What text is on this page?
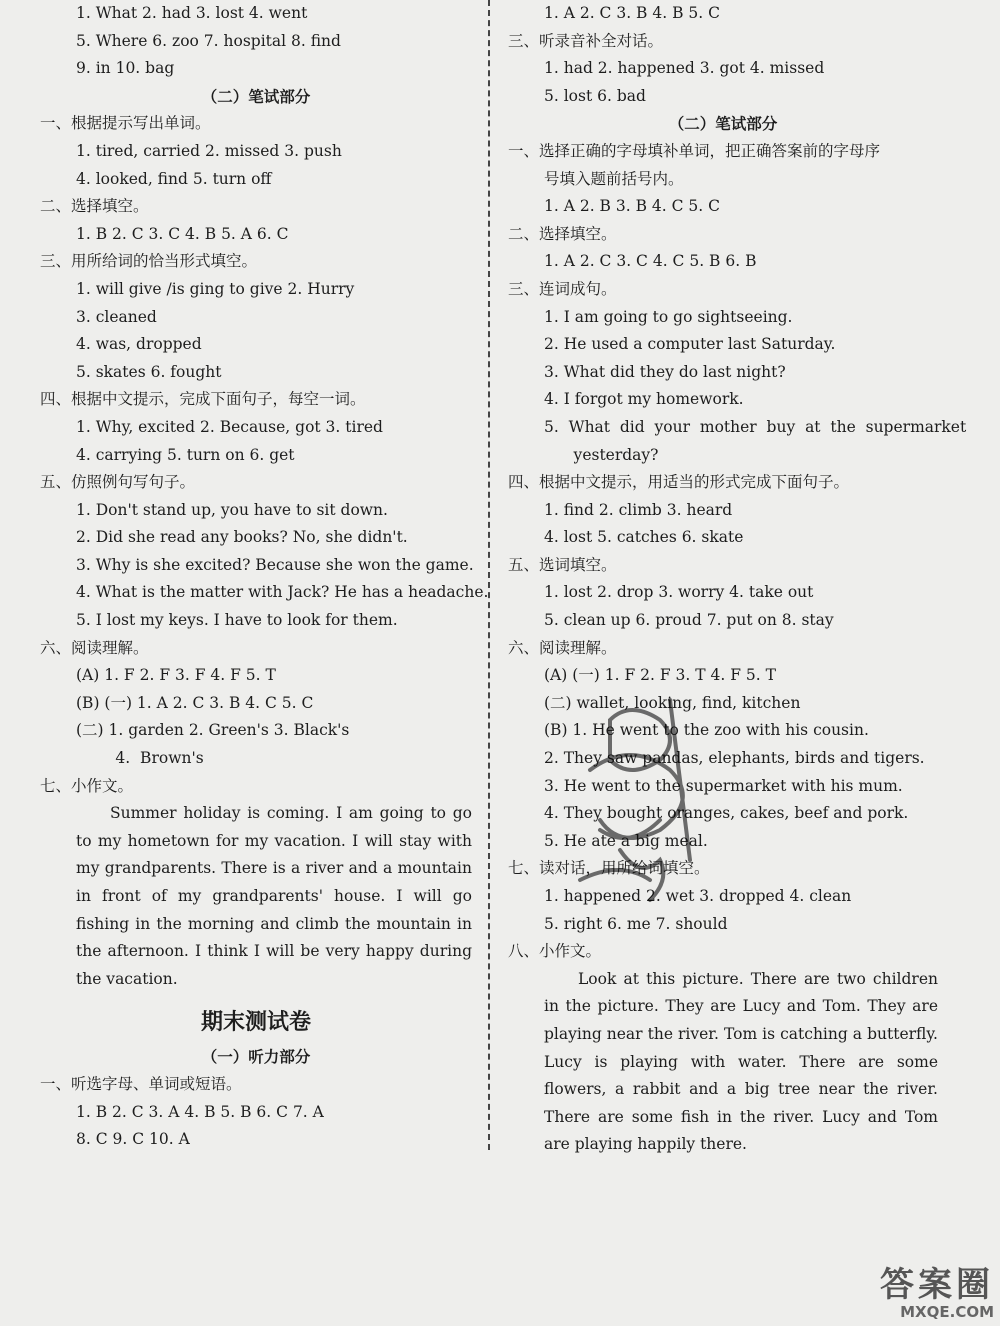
1. What 2. had 3. lost 4. went
5. Where 6. zoo 7. hospital 8. find
9. in 10. bag
（二）笔试部分
一、根据提示写出单词。
1. tired, carried 2. missed 3. push
4. looked, find 5. turn off
二、选择填空。
1. B 2. C 3. C 4. B 5. A 6. C
三、用所给词的恰当形式填空。
1. will give /is ging to give 2. Hurry
3. cleaned
4. was, dropped
5. skates 6. fought
四、根据中文提示，完成下面句子，每空一词。
1. Why, excited 2. Because, got 3. tired
4. carrying 5. turn on 6. get
五、仿照例句写句子。
1. Don't stand up, you have to sit down.
2. Did she read any books? No, she didn't.
3. Why is she excited? Because she won the game.
4. What is the matter with Jack? He has a headache.
5. I lost my keys. I have to look for them.
六、阅读理解。
(A) 1. F 2. F 3. F 4. F 5. T
(B) (一) 1. A 2. C 3. B 4. C 5. C
(二) 1. garden 2. Green's 3. Black's
4.  Brown's
七、小作文。
Summer holiday is coming. I am going to go to my hometown for my vacation. I will stay with my grandparents. There is a river and a mountain in front of my grandparents' house. I will go fishing in the morning and climb the mountain in the afternoon. I think I will be very happy during the vacation.
期末测试卷
（一）听力部分
一、听选字母、单词或短语。
1. B 2. C 3. A 4. B 5. B 6. C 7. A
8. C 9. C 10. A
1. A 2. C 3. B 4. B 5. C
三、听录音补全对话。
1. had 2. happened 3. got 4. missed
5. lost 6. bad
（二）笔试部分
一、选择正确的字母填补单词，把正确答案前的字母序
号填入题前括号内。
1. A 2. B 3. B 4. C 5. C
二、选择填空。
1. A 2. C 3. C 4. C 5. B 6. B
三、连词成句。
1. I am going to go sightseeing.
2. He used a computer last Saturday.
3. What did they do last night?
4. I forgot my homework.
5.  What  did  your  mother  buy  at  the  supermarket
yesterday?
四、根据中文提示，用适当的形式完成下面句子。
1. find 2. climb 3. heard
4. lost 5. catches 6. skate
五、选词填空。
1. lost 2. drop 3. worry 4. take out
5. clean up 6. proud 7. put on 8. stay
六、阅读理解。
(A) (一) 1. F 2. F 3. T 4. F 5. T
(二) wallet, looking, find, kitchen
(B) 1. He went to the zoo with his cousin.
2. They saw pandas, elephants, birds and tigers.
3. He went to the supermarket with his mum.
4. They bought oranges, cakes, beef and pork.
5. He ate a big meal.
七、读对话，用所给词填空。
1. happened 2. wet 3. dropped 4. clean
5. right 6. me 7. should
八、小作文。
Look at this picture. There are two children in the picture. They are Lucy and Tom. They are playing near the river. Tom is catching a butterfly. Lucy is playing with water. There are some flowers, a rabbit and a big tree near the river. There are some fish in the river. Lucy and Tom are playing happily there.
答案圈
MXQE.COM
